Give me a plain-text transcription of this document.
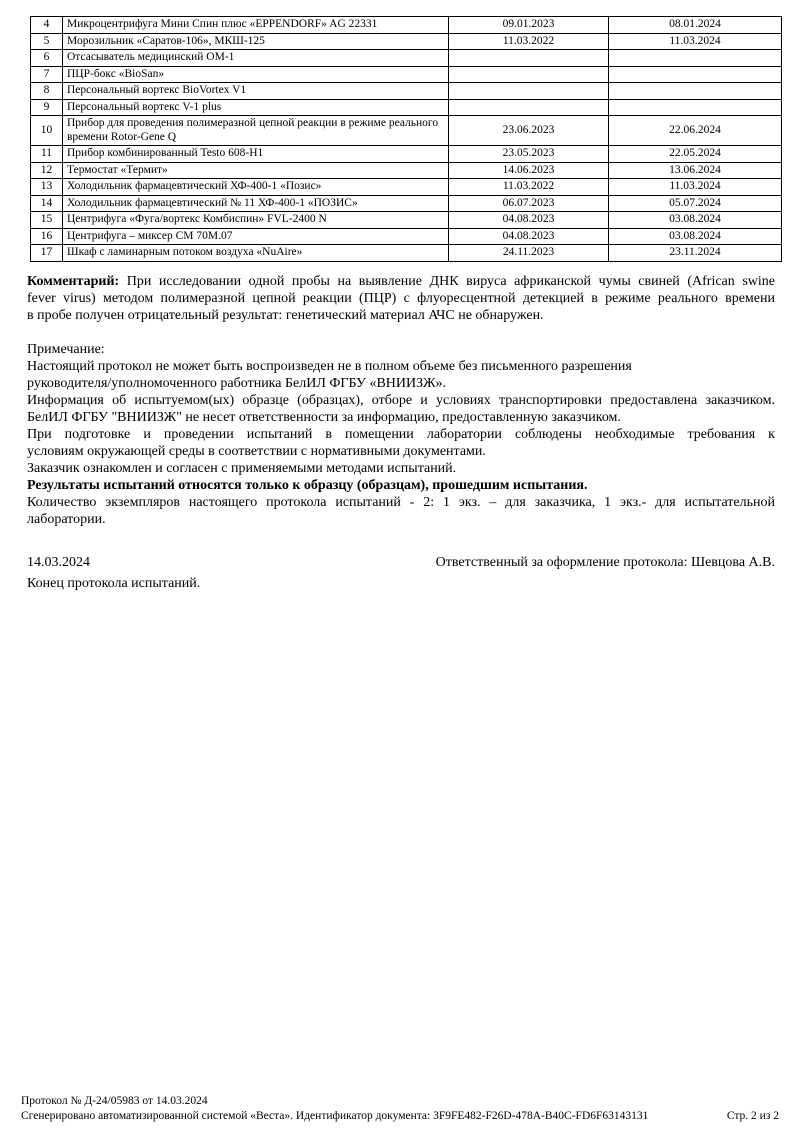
4	Микроцентрифуга Мини Спин плюс «EPPENDORF» AG 22331	09.01.2023	08.01.2024
5	Морозильник «Саратов-106», МКШ-125	11.03.2022	11.03.2024
6	Отсасыватель медицинский ОМ-1		
7	ПЦР-бокс «BioSan»		
8	Персональный вортекс BioVortex V1		
9	Персональный вортекс V-1 plus		
10	Прибор для проведения полимеразной цепной реакции в режиме реального времени Rotor-Gene Q	23.06.2023	22.06.2024
11	Прибор комбинированный Testo 608-Н1	23.05.2023	22.05.2024
12	Термостат «Термит»	14.06.2023	13.06.2024
13	Холодильник фармацевтический ХФ-400-1 «Позис»	11.03.2022	11.03.2024
14	Холодильник фармацевтический № 11 ХФ-400-1 «ПОЗИС»	06.07.2023	05.07.2024
15	Центрифуга «Фуга/вортекс Комбиспин» FVL-2400 N	04.08.2023	03.08.2024
16	Центрифуга – миксер СМ 70М.07	04.08.2023	03.08.2024
17	Шкаф с ламинарным потоком воздуха «NuAire»	24.11.2023	23.11.2024
Комментарий: При исследовании одной пробы на выявление ДНК вируса африканской чумы свиней (African swine
fever virus) методом полимеразной цепной реакции (ПЦР) с флуоресцентной детекцией в режиме реального времени
в пробе получен отрицательный результат: генетический материал АЧС не обнаружен.
Примечание:
Настоящий протокол не может быть воспроизведен не в полном объеме без письменного разрешения
руководителя/уполномоченного работника БелИЛ ФГБУ «ВНИИЗЖ».
Информация об испытуемом(ых) образце (образцах), отборе и условиях транспортировки предоставлена заказчиком.
БелИЛ ФГБУ "ВНИИЗЖ" не несет ответственности за информацию, предоставленную заказчиком.
При подготовке и проведении испытаний в помещении лаборатории соблюдены необходимые требования к
условиям окружающей среды в соответствии с нормативными документами.
Заказчик ознакомлен и согласен с применяемыми методами испытаний.
Результаты испытаний относятся только к образцу (образцам), прошедшим испытания.
Количество экземпляров настоящего протокола испытаний - 2: 1 экз. – для заказчика, 1 экз.- для испытательной
лаборатории.
14.03.2024	Ответственный за оформление протокола: Шевцова А.В.
Конец протокола испытаний.
Протокол № Д-24/05983 от 14.03.2024
Сгенерировано автоматизированной системой «Веста». Идентификатор документа: 3F9FE482-F26D-478A-B40C-FD6F63143131	Стр. 2 из 2
